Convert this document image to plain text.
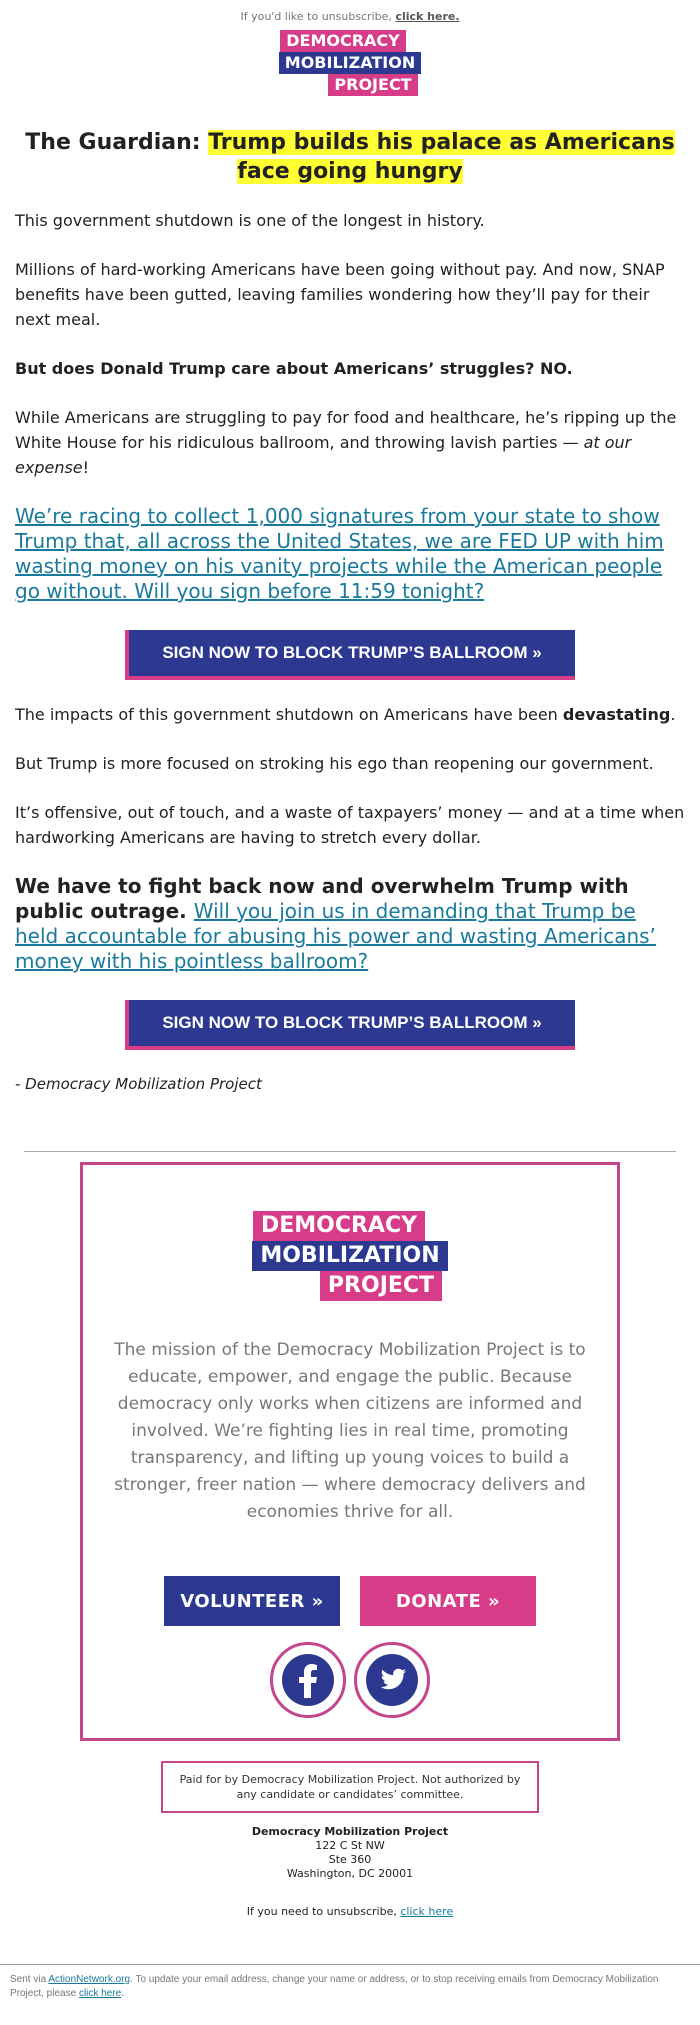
If you'd like to unsubscribe, click here.
DEMOCRACY
MOBILIZATION
PROJECT
The Guardian: Trump builds his palace as Americans face going hungry

This government shutdown is one of the longest in history.

Millions of hard-working Americans have been going without pay. And now, SNAP benefits have been gutted, leaving families wondering how they’ll pay for their next meal.

But does Donald Trump care about Americans’ struggles? NO.

While Americans are struggling to pay for food and healthcare, he’s ripping up the White House for his ridiculous ballroom, and throwing lavish parties — at our expense!

We’re racing to collect 1,000 signatures from your state to show Trump that, all across the United States, we are FED UP with him wasting money on his vanity projects while the American people go without. Will you sign before 11:59 tonight?
SIGN NOW TO BLOCK TRUMP’S BALLROOM »

The impacts of this government shutdown on Americans have been devastating.

But Trump is more focused on stroking his ego than reopening our government.

It’s offensive, out of touch, and a waste of taxpayers’ money — and at a time when hardworking Americans are having to stretch every dollar.

We have to fight back now and overwhelm Trump with public outrage. Will you join us in demanding that Trump be held accountable for abusing his power and wasting Americans’ money with his pointless ballroom?

SIGN NOW TO BLOCK TRUMP’S BALLROOM »

- Democracy Mobilization Project

DEMOCRACY
MOBILIZATION
PROJECT

The mission of the Democracy Mobilization Project is to educate, empower, and engage the public. Because democracy only works when citizens are informed and involved. We’re fighting lies in real time, promoting transparency, and lifting up young voices to build a stronger, freer nation — where democracy delivers and economies thrive for all.

VOLUNTEER »	DONATE »
Paid for by Democracy Mobilization Project. Not authorized by any candidate or candidates’ committee.
Democracy Mobilization Project
122 C St NW
Ste 360
Washington, DC 20001
If you need to unsubscribe, click here
Sent via ActionNetwork.org. To update your email address, change your name or address, or to stop receiving emails from Democracy Mobilization Project, please click here.
